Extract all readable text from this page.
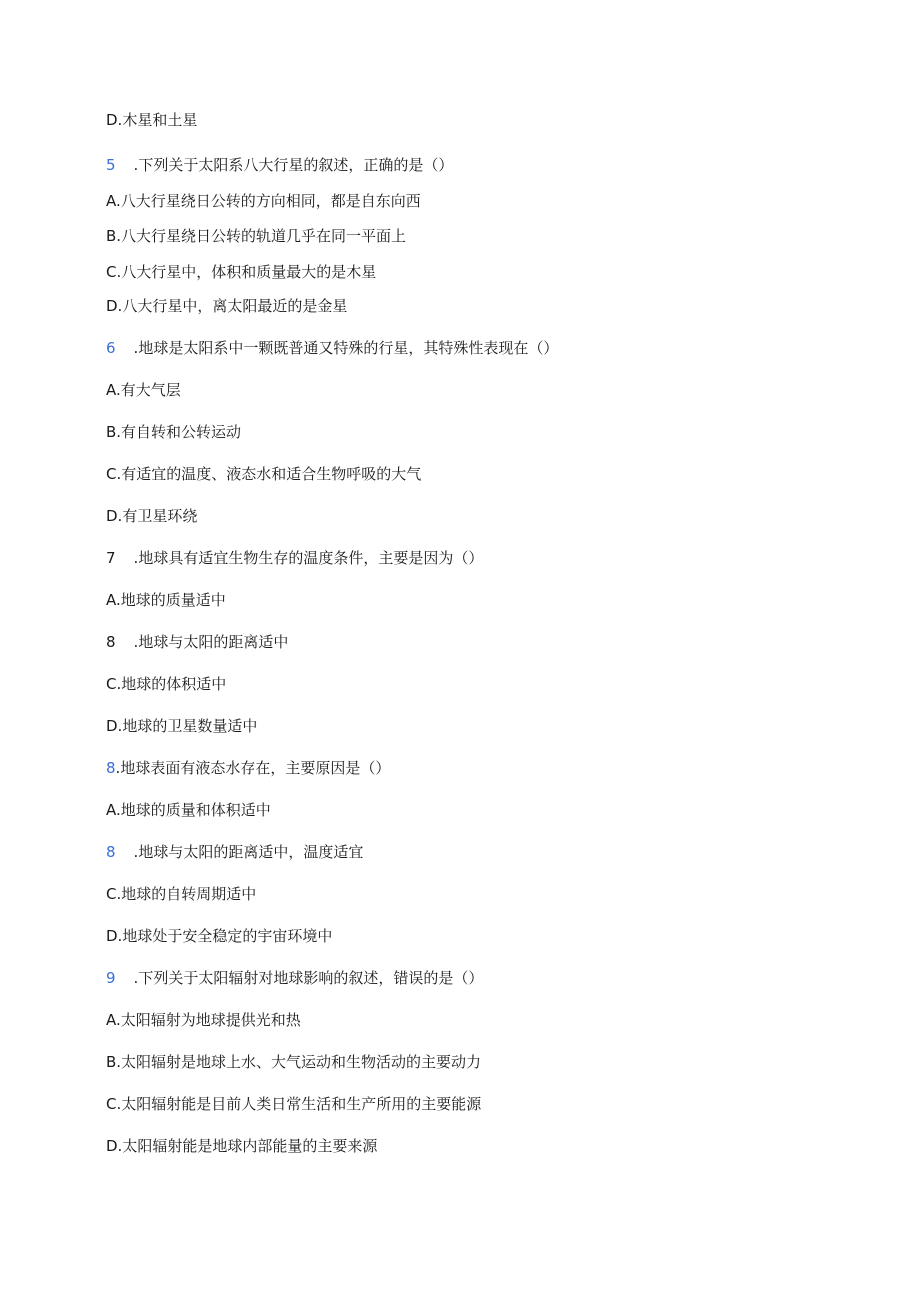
D.木星和土星
5 .下列关于太阳系八大行星的叙述，正确的是（）
A.八大行星绕日公转的方向相同，都是自东向西
B.八大行星绕日公转的轨道几乎在同一平面上
C.八大行星中，体积和质量最大的是木星
D.八大行星中，离太阳最近的是金星
6 .地球是太阳系中一颗既普通又特殊的行星，其特殊性表现在（）
A.有大气层
B.有自转和公转运动
C.有适宜的温度、液态水和适合生物呼吸的大气
D.有卫星环绕
7 .地球具有适宜生物生存的温度条件，主要是因为（）
A.地球的质量适中
8 .地球与太阳的距离适中
C.地球的体积适中
D.地球的卫星数量适中
8.地球表面有液态水存在，主要原因是（）
A.地球的质量和体积适中
8 .地球与太阳的距离适中，温度适宜
C.地球的自转周期适中
D.地球处于安全稳定的宇宙环境中
9 .下列关于太阳辐射对地球影响的叙述，错误的是（）
A.太阳辐射为地球提供光和热
B.太阳辐射是地球上水、大气运动和生物活动的主要动力
C.太阳辐射能是目前人类日常生活和生产所用的主要能源
D.太阳辐射能是地球内部能量的主要来源
